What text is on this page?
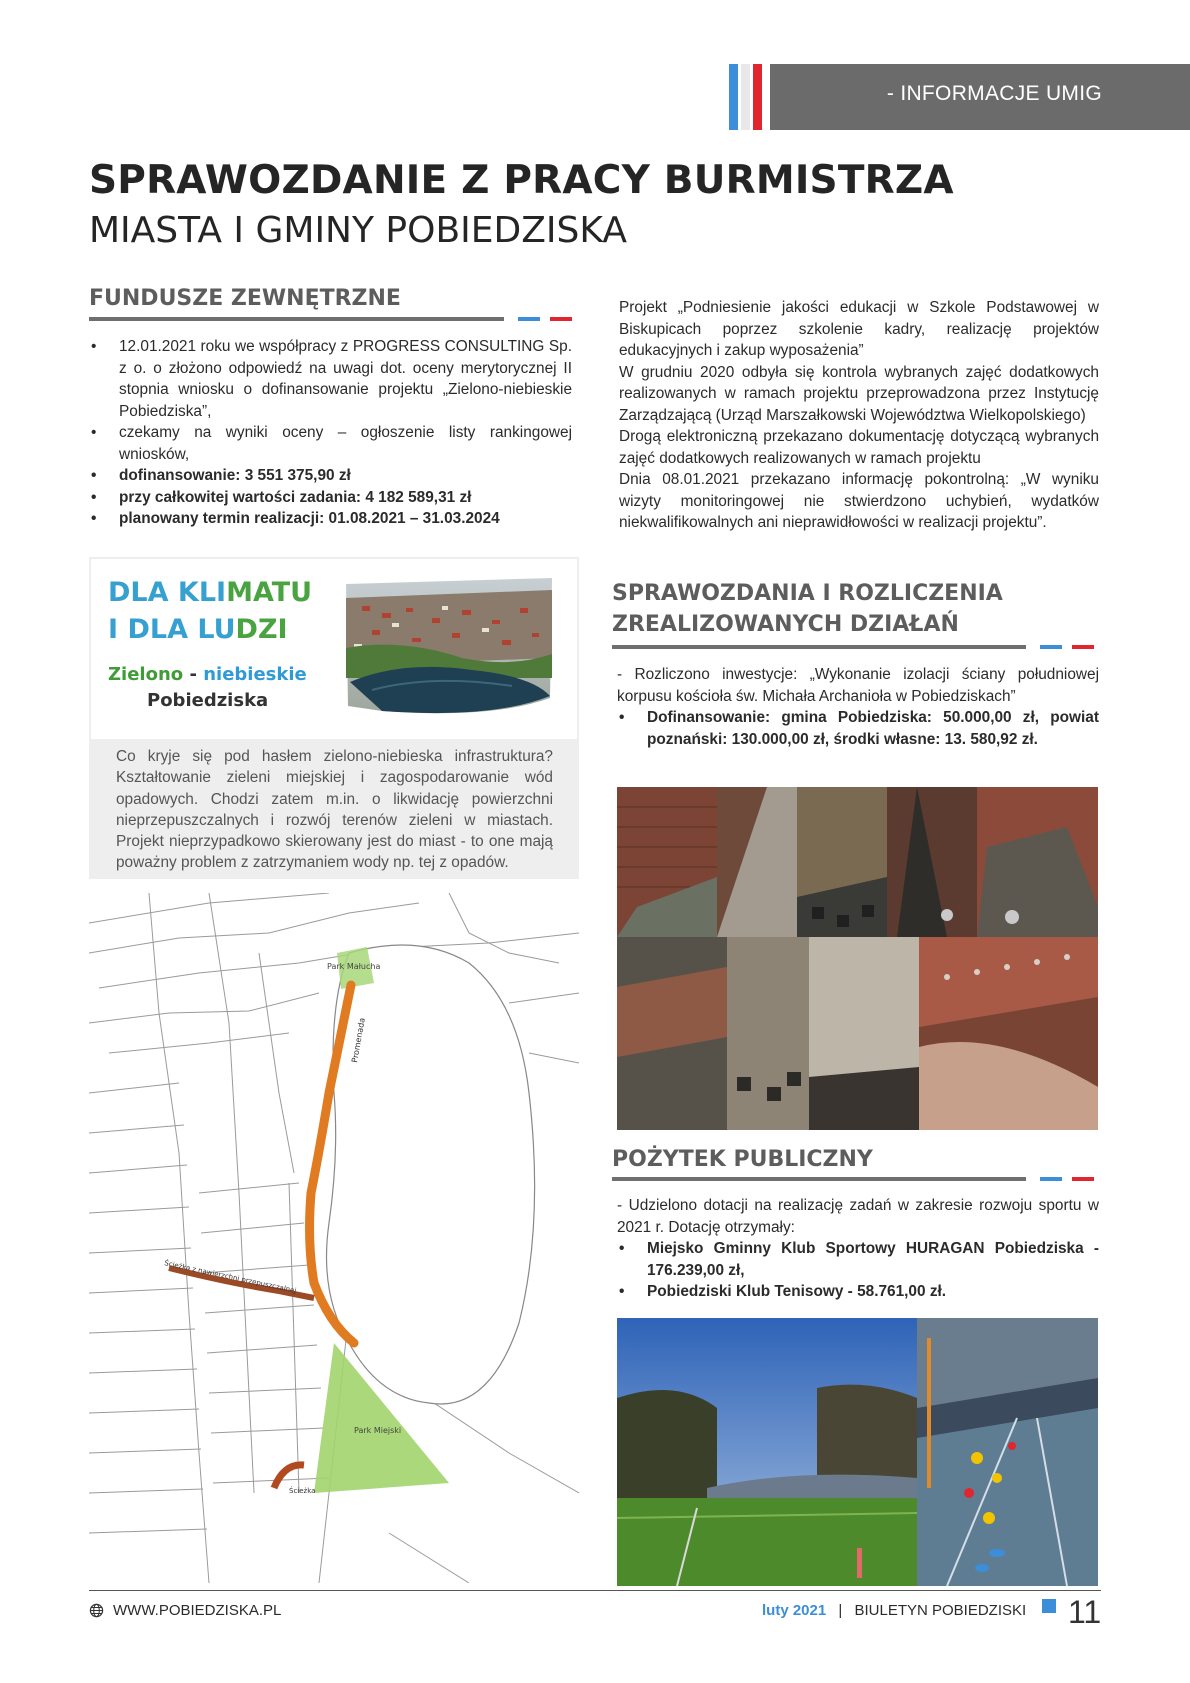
- INFORMACJE UMIG
SPRAWOZDANIE Z PRACY BURMISTRZA
MIASTA I GMINY POBIEDZISKA
FUNDUSZE ZEWNĘTRZNE
• 12.01.2021 roku we współpracy z PROGRESS CONSULTING Sp. z o. o złożono odpowiedź na uwagi dot. oceny merytorycznej II stopnia wniosku o dofinansowanie projektu „Zielono-niebieskie Pobiedziska”,
• czekamy na wyniki oceny – ogłoszenie listy rankingowej wniosków,
• dofinansowanie: 3 551 375,90 zł
• przy całkowitej wartości zadania: 4 182 589,31 zł
• planowany termin realizacji: 01.08.2021 – 31.03.2024
Projekt „Podniesienie jakości edukacji w Szkole Podstawowej w Biskupicach poprzez szkolenie kadry, realizację projektów edukacyjnych i zakup wyposażenia”
W grudniu 2020 odbyła się kontrola wybranych zajęć dodatkowych realizowanych w ramach projektu przeprowadzona przez Instytucję Zarządzającą (Urząd Marszałkowski Województwa Wielkopolskiego)
Drogą elektroniczną przekazano dokumentację dotyczącą wybranych zajęć dodatkowych realizowanych w ramach projektu
Dnia 08.01.2021 przekazano informację pokontrolną: „W wyniku wizyty monitoringowej nie stwierdzono uchybień, wydatków niekwalifikowalnych ani nieprawidłowości w realizacji projektu”.
DLA KLIMATU
I DLA LUDZI
Zielono - niebieskie
Pobiedziska
Co kryje się pod hasłem zielono-niebieska infrastruktura? Kształtowanie zieleni miejskiej i zagospodarowanie wód opadowych. Chodzi zatem m.in. o likwidację powierzchni nieprzepuszczalnych i rozwój terenów zieleni w miastach. Projekt nieprzypadkowo skierowany jest do miast - to one mają poważny problem z zatrzymaniem wody np. tej z opadów.
Park Małucha
Promenada
Ścieżka z nawierzchni przepuszczalnej
Park Miejski
Ścieżka
SPRAWOZDANIA I ROZLICZENIA
ZREALIZOWANYCH DZIAŁAŃ
- Rozliczono inwestycje: „Wykonanie izolacji ściany południowej korpusu kościoła św. Michała Archanioła w Pobiedziskach”
• Dofinansowanie: gmina Pobiedziska: 50.000,00 zł, powiat poznański: 130.000,00 zł, środki własne: 13. 580,92 zł.
POŻYTEK PUBLICZNY
- Udzielono dotacji na realizację zadań w zakresie rozwoju sportu w 2021 r. Dotację otrzymały:
• Miejsko Gminny Klub Sportowy HURAGAN Pobiedziska - 176.239,00 zł,
• Pobiedziski Klub Tenisowy - 58.761,00 zł.
WWW.POBIEDZISKA.PL	luty 2021 | BIULETYN POBIEDZISKI 11
